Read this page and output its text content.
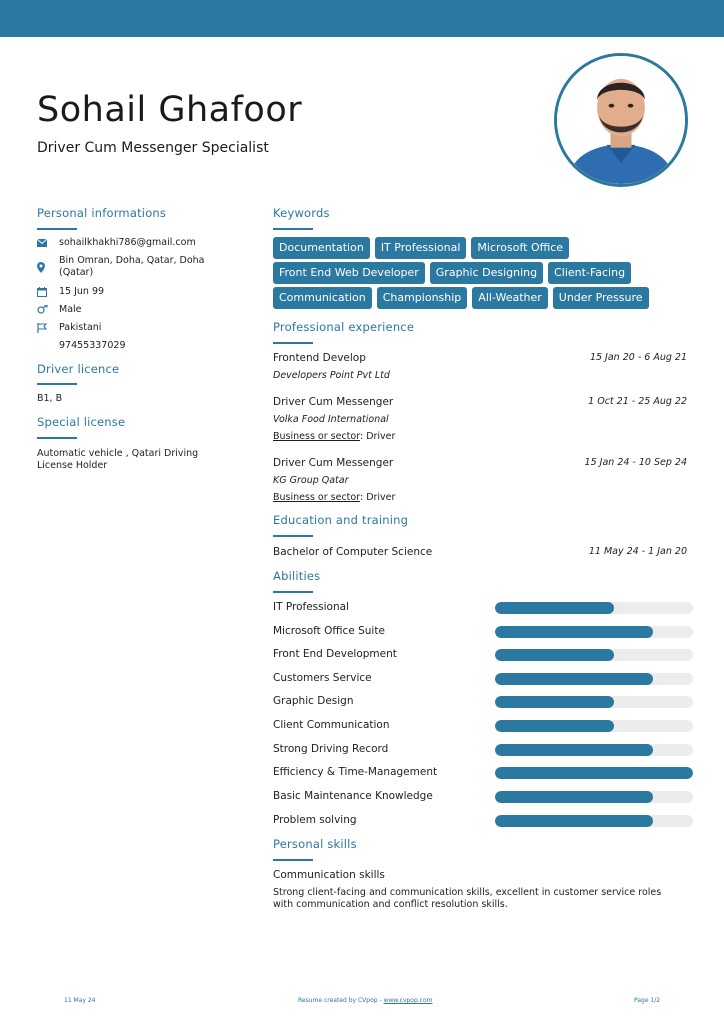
Sohail Ghafoor
Driver Cum Messenger Specialist
Personal informations
sohailkhakhi786@gmail.com
Bin Omran, Doha, Qatar, Doha (Qatar)
15 Jun 99
Male
Pakistani
97455337029
Driver licence
B1, B
Special license
Automatic vehicle , Qatari Driving License Holder
Keywords
Documentation	IT Professional	Microsoft Office
Front End Web Developer	Graphic Designing	Client-Facing
Communication	Championship	All-Weather	Under Pressure
Professional experience
Frontend Develop	15 Jan 20 - 6 Aug 21
Developers Point Pvt Ltd
Driver Cum Messenger	1 Oct 21 - 25 Aug 22
Volka Food International
Business or sector: Driver
Driver Cum Messenger	15 Jan 24 - 10 Sep 24
KG Group Qatar
Business or sector: Driver
Education and training
Bachelor of Computer Science	11 May 24 - 1 Jan 20
Abilities
IT Professional
Microsoft Office Suite
Front End Development
Customers Service
Graphic Design
Client Communication
Strong Driving Record
Efficiency & Time-Management
Basic Maintenance Knowledge
Problem solving
Personal skills
Communication skills
Strong client-facing and communication skills, excellent in customer service roles with communication and conflict resolution skills.
11 May 24	Resume created by CVpop - www.cvpop.com	Page 1/2
